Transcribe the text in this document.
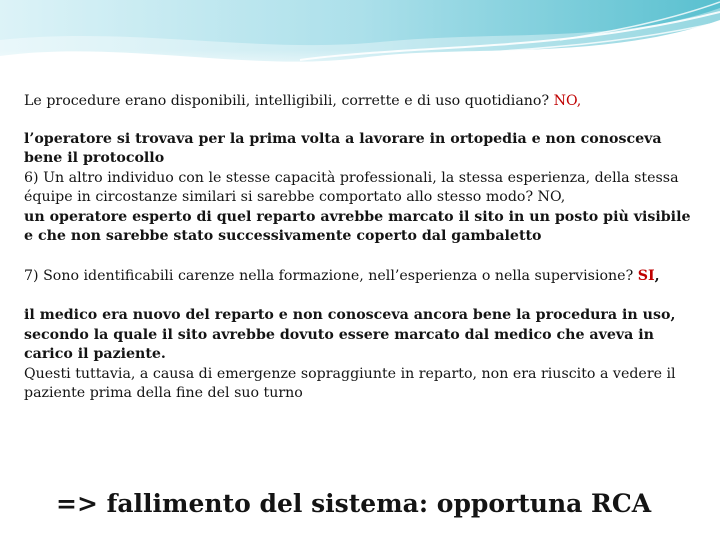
Le procedure erano disponibili, intelligibili, corrette e di uso quotidiano? NO,

l’operatore si trovava per la prima volta a lavorare in ortopedia e non conosceva bene il protocollo

6) Un altro individuo con le stesse capacità professionali, la stessa esperienza, della stessa équipe in circostanze similari si sarebbe comportato allo stesso modo? NO,

un operatore esperto di quel reparto avrebbe marcato il sito in un posto più visibile e che non sarebbe stato successivamente coperto dal gambaletto

7) Sono identificabili carenze nella formazione, nell’esperienza o nella supervisione? SI,

il medico era nuovo del reparto e non conosceva ancora bene la procedura in uso, secondo la quale il sito avrebbe dovuto essere marcato dal medico che aveva in carico il paziente.

Questi tuttavia, a causa di emergenze sopraggiunte in reparto, non era riuscito a vedere il paziente prima della fine del suo turno

=> fallimento del sistema: opportuna RCA
